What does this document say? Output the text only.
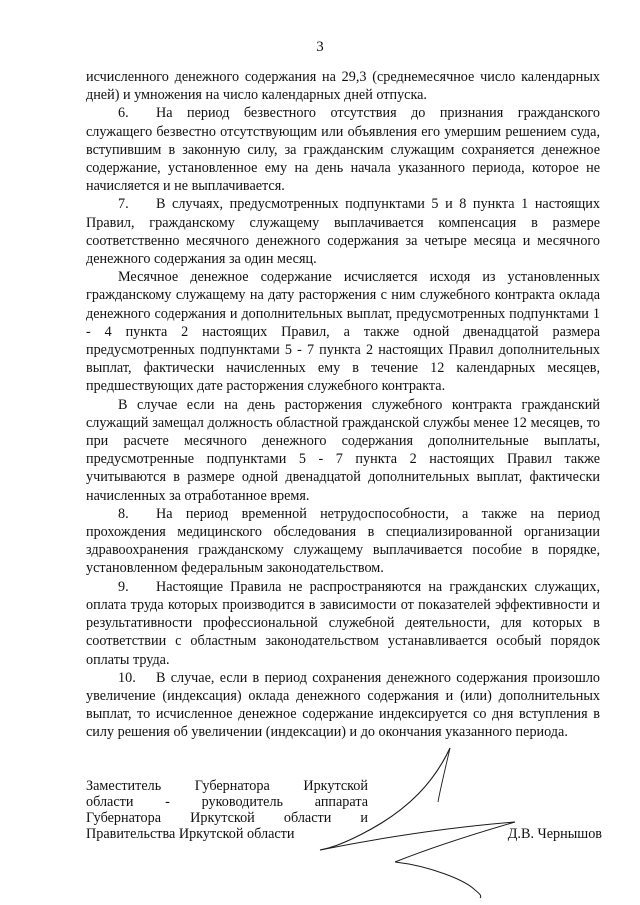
3

исчисленного денежного содержания на 29,3 (среднемесячное число календарных дней) и умножения на число календарных дней отпуска.

6. На период безвестного отсутствия до признания гражданского служащего безвестно отсутствующим или объявления его умершим решением суда, вступившим в законную силу, за гражданским служащим сохраняется денежное содержание, установленное ему на день начала указанного периода, которое не начисляется и не выплачивается.

7. В случаях, предусмотренных подпунктами 5 и 8 пункта 1 настоящих Правил, гражданскому служащему выплачивается компенсация в размере соответственно месячного денежного содержания за четыре месяца и месячного денежного содержания за один месяц.

Месячное денежное содержание исчисляется исходя из установленных гражданскому служащему на дату расторжения с ним служебного контракта оклада денежного содержания и дополнительных выплат, предусмотренных подпунктами 1 - 4 пункта 2 настоящих Правил, а также одной двенадцатой размера предусмотренных подпунктами 5 - 7 пункта 2 настоящих Правил дополнительных выплат, фактически начисленных ему в течение 12 календарных месяцев, предшествующих дате расторжения служебного контракта.

В случае если на день расторжения служебного контракта гражданский служащий замещал должность областной гражданской службы менее 12 месяцев, то при расчете месячного денежного содержания дополнительные выплаты, предусмотренные подпунктами 5 - 7 пункта 2 настоящих Правил также учитываются в размере одной двенадцатой дополнительных выплат, фактически начисленных за отработанное время.

8. На период временной нетрудоспособности, а также на период прохождения медицинского обследования в специализированной организации здравоохранения гражданскому служащему выплачивается пособие в порядке, установленном федеральным законодательством.

9. Настоящие Правила не распространяются на гражданских служащих, оплата труда которых производится в зависимости от показателей эффективности и результативности профессиональной служебной деятельности, для которых в соответствии с областным законодательством устанавливается особый порядок оплаты труда.

10. В случае, если в период сохранения денежного содержания произошло увеличение (индексация) оклада денежного содержания и (или) дополнительных выплат, то исчисленное денежное содержание индексируется со дня вступления в силу решения об увеличении (индексации) и до окончания указанного периода.

Заместитель Губернатора Иркутской
области - руководитель аппарата
Губернатора Иркутской области и
Правительства Иркутской области	Д.В. Чернышов
